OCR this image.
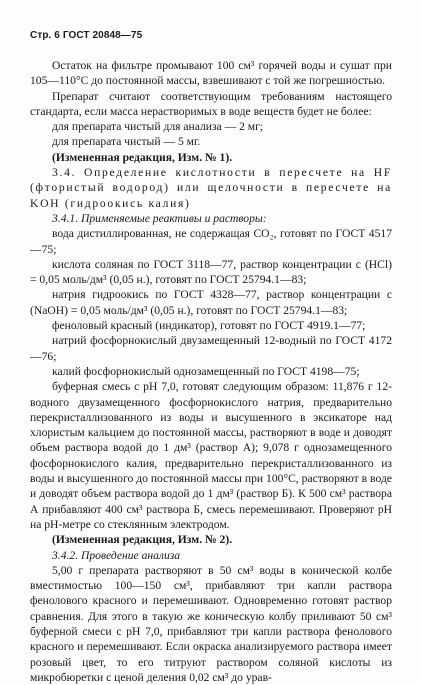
Стр. 6 ГОСТ 20848—75

Остаток на фильтре промывают 100 см³ горячей воды и сушат при 105—110°С до постоянной массы, взвешивают с той же погрешностью.

Препарат считают соответствующим требованиям настоящего стандарта, если масса нерастворимых в воде веществ будет не более:

для препарата чистый для анализа — 2 мг;

для препарата чистый — 5 мг.

(Измененная редакция, Изм. № 1).

3.4. Определение кислотности в пересчете на HF (фтористый водород) или щелочности в пересчете на KOH (гидроокись калия)

3.4.1. Применяемые реактивы и растворы:

вода дистиллированная, не содержащая CO₂, готовят по ГОСТ 4517—75;

кислота соляная по ГОСТ 3118—77, раствор концентрации c (HCl) = 0,05 моль/дм³ (0,05 н.), готовят по ГОСТ 25794.1—83;

натрия гидроокись по ГОСТ 4328—77, раствор концентрации c (NaOH) = 0,05 моль/дм³ (0,05 н.), готовят по ГОСТ 25794.1—83;

феноловый красный (индикатор), готовят по ГОСТ 4919.1—77;

натрий фосфорнокислый двузамещенный 12-водный по ГОСТ 4172—76;

калий фосфорнокислый однозамещенный по ГОСТ 4198—75;

буферная смесь с pH 7,0, готовят следующим образом: 11,876 г 12-водного двузамещенного фосфорнокислого натрия, предварительно перекристаллизованного из воды и высушенного в эксикаторе над хлористым кальцием до постоянной массы, растворяют в воде и доводят объем раствора водой до 1 дм³ (раствор А); 9,078 г однозамещенного фосфорнокислого калия, предварительно перекристаллизованного из воды и высушенного до постоянной массы при 100°С, растворяют в воде и доводят объем раствора водой до 1 дм³ (раствор Б). К 500 см³ раствора А прибавляют 400 см³ раствора Б, смесь перемешивают. Проверяют pH на pH-метре со стеклянным электродом.

(Измененная редакция, Изм. № 2).

3.4.2. Проведение анализа

5,00 г препарата растворяют в 50 см³ воды в конической колбе вместимостью 100—150 см³, прибавляют три капли раствора фенолового красного и перемешивают. Одновременно готовят раствор сравнения. Для этого в такую же коническую колбу приливают 50 см³ буферной смеси с pH 7,0, прибавляют три капли раствора фенолового красного и перемешивают. Если окраска анализируемого раствора имеет розовый цвет, то его титруют раствором соляной кислоты из микробюретки с ценой деления 0,02 см³ до урав-
